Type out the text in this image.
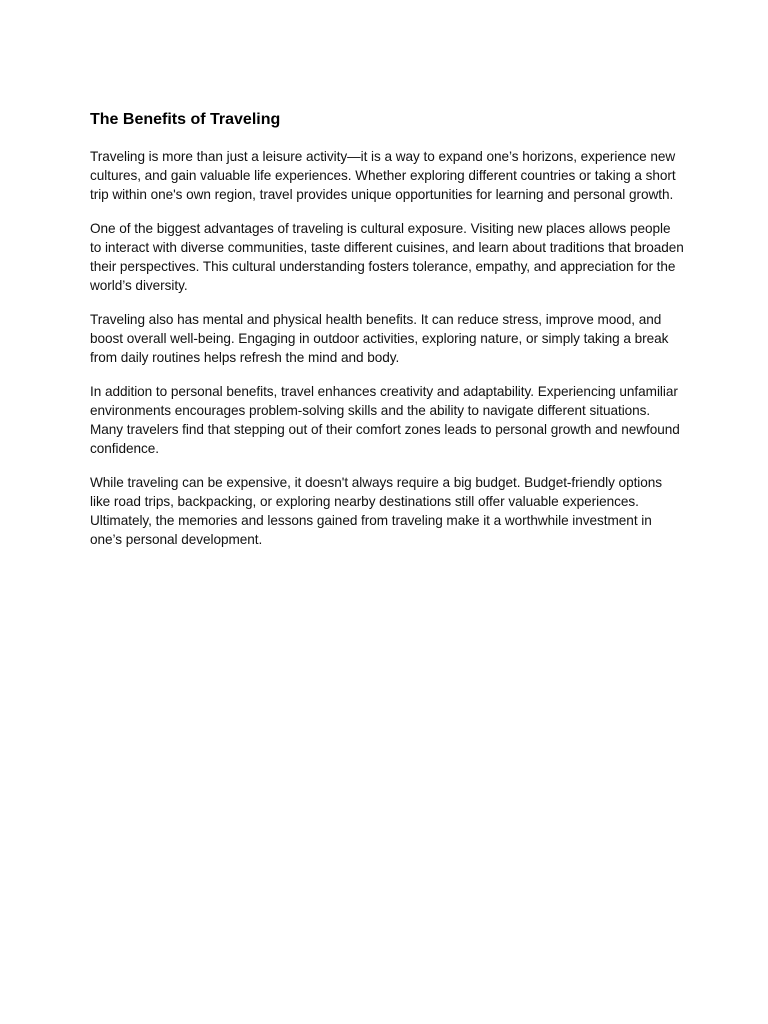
The Benefits of Traveling

Traveling is more than just a leisure activity—it is a way to expand one’s horizons, experience new cultures, and gain valuable life experiences. Whether exploring different countries or taking a short trip within one's own region, travel provides unique opportunities for learning and personal growth.

One of the biggest advantages of traveling is cultural exposure. Visiting new places allows people to interact with diverse communities, taste different cuisines, and learn about traditions that broaden their perspectives. This cultural understanding fosters tolerance, empathy, and appreciation for the world’s diversity.

Traveling also has mental and physical health benefits. It can reduce stress, improve mood, and boost overall well-being. Engaging in outdoor activities, exploring nature, or simply taking a break from daily routines helps refresh the mind and body.

In addition to personal benefits, travel enhances creativity and adaptability. Experiencing unfamiliar environments encourages problem-solving skills and the ability to navigate different situations. Many travelers find that stepping out of their comfort zones leads to personal growth and newfound confidence.

While traveling can be expensive, it doesn't always require a big budget. Budget-friendly options like road trips, backpacking, or exploring nearby destinations still offer valuable experiences. Ultimately, the memories and lessons gained from traveling make it a worthwhile investment in one’s personal development.
